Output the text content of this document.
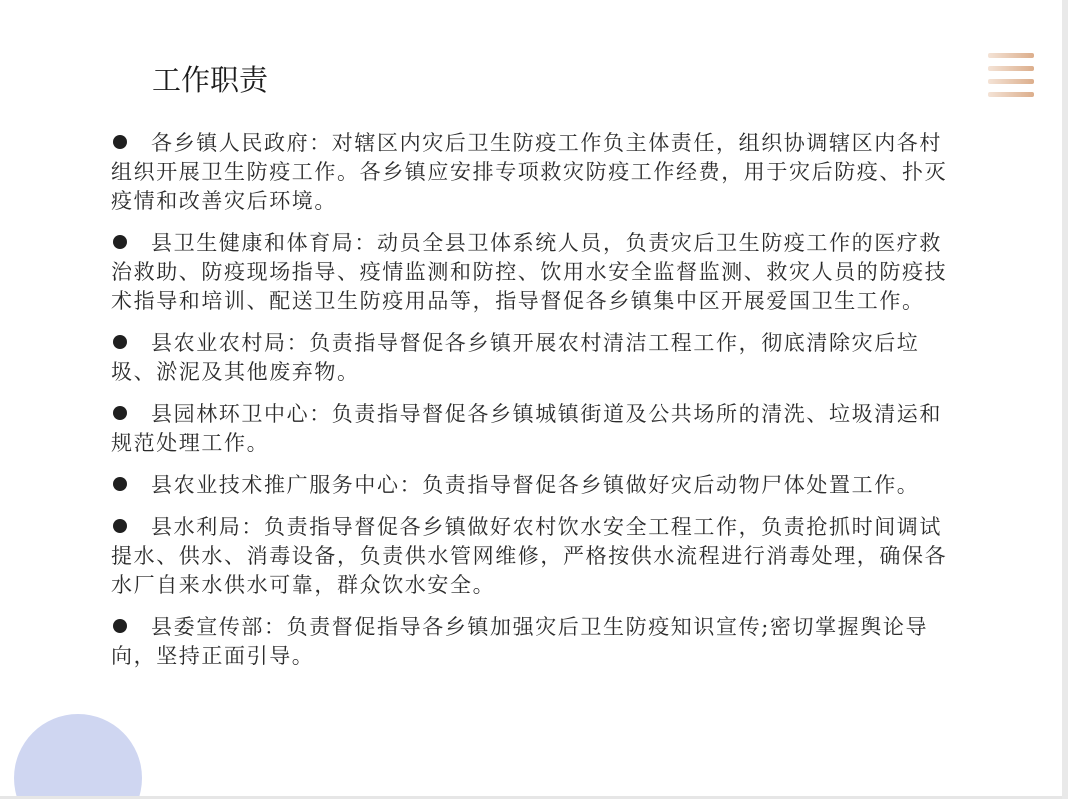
工作职责

各乡镇人民政府：对辖区内灾后卫生防疫工作负主体责任，组织协调辖区内各村组织开展卫生防疫工作。各乡镇应安排专项救灾防疫工作经费，用于灾后防疫、扑灭疫情和改善灾后环境。

县卫生健康和体育局：动员全县卫体系统人员，负责灾后卫生防疫工作的医疗救治救助、防疫现场指导、疫情监测和防控、饮用水安全监督监测、救灾人员的防疫技术指导和培训、配送卫生防疫用品等，指导督促各乡镇集中区开展爱国卫生工作。

县农业农村局：负责指导督促各乡镇开展农村清洁工程工作，彻底清除灾后垃圾、淤泥及其他废弃物。

县园林环卫中心：负责指导督促各乡镇城镇街道及公共场所的清洗、垃圾清运和规范处理工作。

县农业技术推广服务中心：负责指导督促各乡镇做好灾后动物尸体处置工作。

县水利局：负责指导督促各乡镇做好农村饮水安全工程工作，负责抢抓时间调试提水、供水、消毒设备，负责供水管网维修，严格按供水流程进行消毒处理，确保各水厂自来水供水可靠，群众饮水安全。

县委宣传部：负责督促指导各乡镇加强灾后卫生防疫知识宣传;密切掌握舆论导向，坚持正面引导。
